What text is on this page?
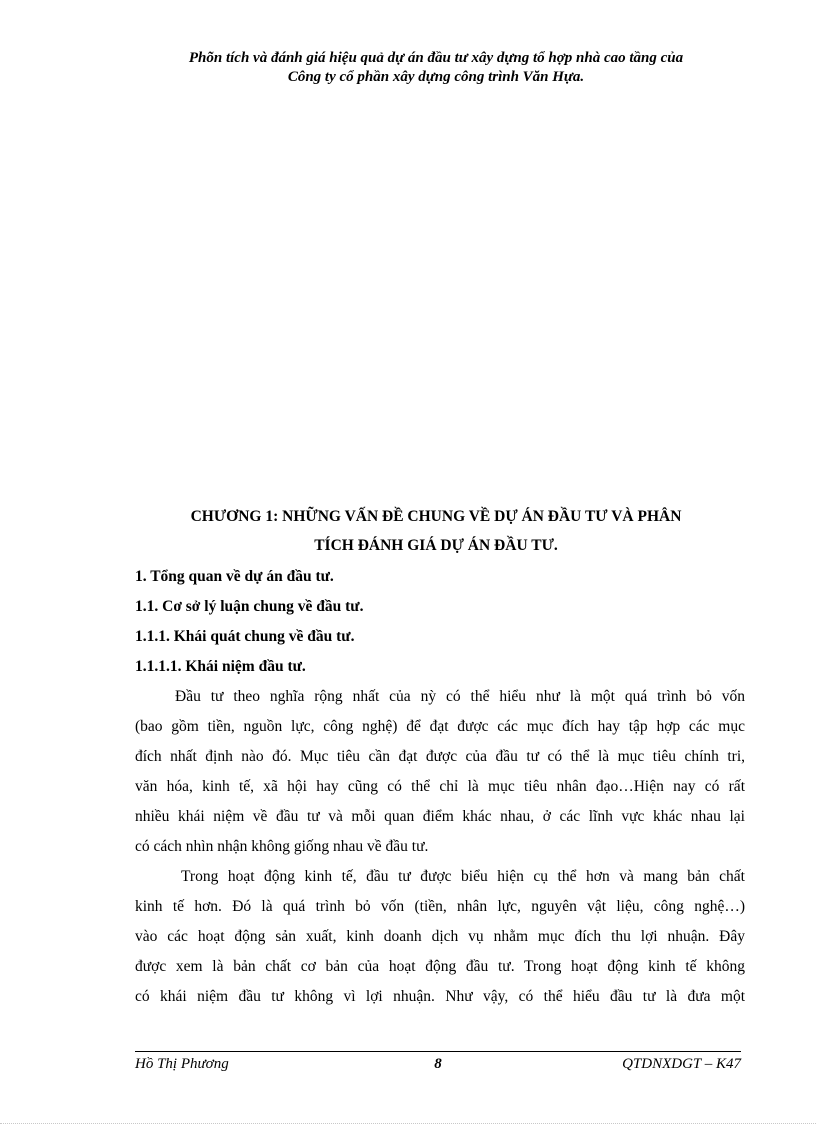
Phõn tích và đánh giá hiệu quả dự án đầu tư xây dựng tổ hợp nhà cao tầng của
Công ty cổ phần xây dựng công trình Văn Hựa.
CHƯƠNG 1: NHỮNG VẤN ĐỀ CHUNG VỀ DỰ ÁN ĐẦU TƯ VÀ PHÂN
TÍCH ĐÁNH GIÁ DỰ ÁN ĐẦU TƯ.
1. Tổng quan về dự án đầu tư.
1.1. Cơ sở lý luận chung về đầu tư.
1.1.1. Khái quát chung về đầu tư.
1.1.1.1. Khái niệm đầu tư.
Đầu tư theo nghĩa rộng nhất của nỳ có thể hiểu như là một quá trình bỏ vốn
(bao gồm tiền, nguồn lực, công nghệ) để đạt được các mục đích hay tập hợp các mục
đích nhất định nào đó. Mục tiêu cần đạt được của đầu tư có thể là mục tiêu chính tri,
văn hóa, kinh tế, xã hội hay cũng có thể chỉ là mục tiêu nhân đạo…Hiện nay có rất
nhiều khái niệm về đầu tư và mỗi quan điểm khác nhau, ở các lĩnh vực khác nhau lại
có cách nhìn nhận không giống nhau về đầu tư.
Trong hoạt động kinh tế, đầu tư được biểu hiện cụ thể hơn và mang bản chất
kinh tế hơn. Đó là quá trình bỏ vốn (tiền, nhân lực, nguyên vật liệu, công nghệ…)
vào các hoạt động sản xuất, kinh doanh dịch vụ nhằm mục đích thu lợi nhuận. Đây
được xem là bản chất cơ bản của hoạt động đầu tư. Trong hoạt động kinh tế không
có khái niệm đầu tư không vì lợi nhuận. Như vậy, có thể hiểu đầu tư là đưa một
Hồ Thị Phương	8	QTDNXDGT – K47
